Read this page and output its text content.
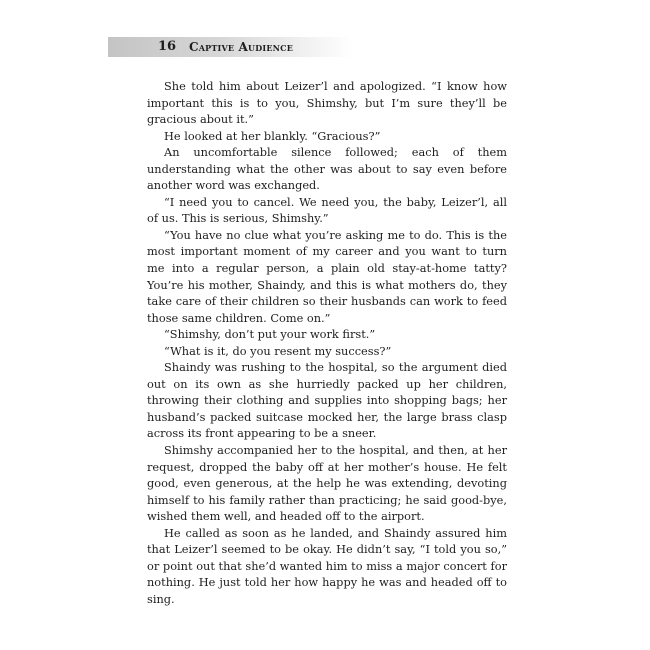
16 Captive Audience

She told him about Leizer’l and apologized. “I know how important this is to you, Shimshy, but I’m sure they’ll be gracious about it.”

He looked at her blankly. “Gracious?”

An uncomfortable silence followed; each of them understanding what the other was about to say even before another word was exchanged.

“I need you to cancel. We need you, the baby, Leizer’l, all of us. This is serious, Shimshy.”

“You have no clue what you’re asking me to do. This is the most important moment of my career and you want to turn me into a regular person, a plain old stay-at-home tatty? You’re his mother, Shaindy, and this is what mothers do, they take care of their children so their husbands can work to feed those same children. Come on.”

“Shimshy, don’t put your work first.”

“What is it, do you resent my success?”

Shaindy was rushing to the hospital, so the argument died out on its own as she hurriedly packed up her children, throwing their clothing and supplies into shopping bags; her husband’s packed suitcase mocked her, the large brass clasp across its front appearing to be a sneer.

Shimshy accompanied her to the hospital, and then, at her request, dropped the baby off at her mother’s house. He felt good, even generous, at the help he was extending, devoting himself to his family rather than practicing; he said good-bye, wished them well, and headed off to the airport.

He called as soon as he landed, and Shaindy assured him that Leizer’l seemed to be okay. He didn’t say, “I told you so,” or point out that she’d wanted him to miss a major concert for nothing. He just told her how happy he was and headed off to sing.
